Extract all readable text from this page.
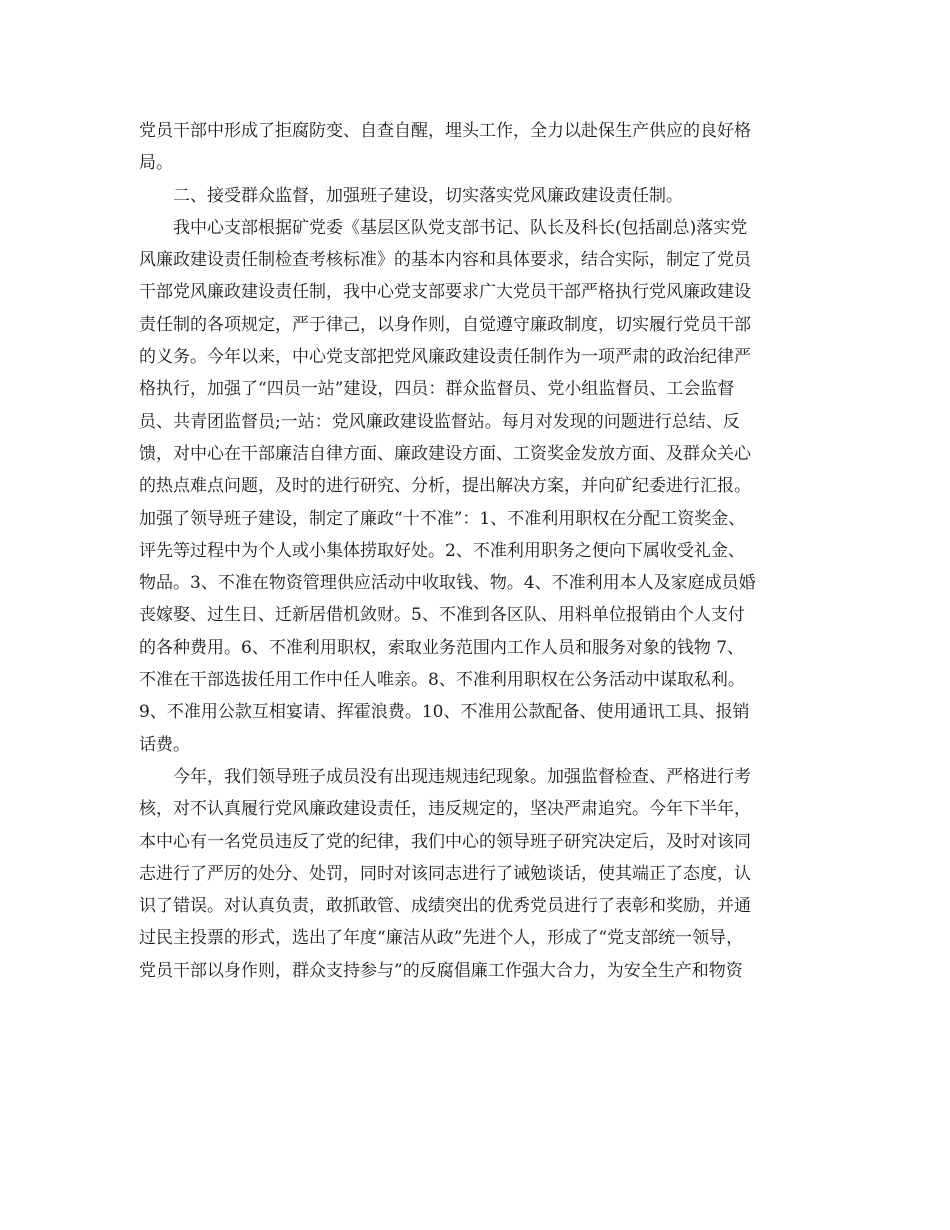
党员干部中形成了拒腐防变、自查自醒，埋头工作，全力以赴保生产供应的良好格
局。
二、接受群众监督，加强班子建设，切实落实党风廉政建设责任制。
我中心支部根据矿党委《基层区队党支部书记、队长及科长(包括副总)落实党
风廉政建设责任制检查考核标准》的基本内容和具体要求，结合实际，制定了党员
干部党风廉政建设责任制，我中心党支部要求广大党员干部严格执行党风廉政建设
责任制的各项规定，严于律己，以身作则，自觉遵守廉政制度，切实履行党员干部
的义务。今年以来，中心党支部把党风廉政建设责任制作为一项严肃的政治纪律严
格执行，加强了“四员一站”建设，四员：群众监督员、党小组监督员、工会监督
员、共青团监督员;一站：党风廉政建设监督站。每月对发现的问题进行总结、反
馈，对中心在干部廉洁自律方面、廉政建设方面、工资奖金发放方面、及群众关心
的热点难点问题，及时的进行研究、分析，提出解决方案，并向矿纪委进行汇报。
加强了领导班子建设，制定了廉政“十不准”：1、不准利用职权在分配工资奖金、
评先等过程中为个人或小集体捞取好处。2、不准利用职务之便向下属收受礼金、
物品。3、不准在物资管理供应活动中收取钱、物。4、不准利用本人及家庭成员婚
丧嫁娶、过生日、迁新居借机敛财。5、不准到各区队、用料单位报销由个人支付
的各种费用。6、不准利用职权，索取业务范围内工作人员和服务对象的钱物 7、
不准在干部选拔任用工作中任人唯亲。8、不准利用职权在公务活动中谋取私利。
9、不准用公款互相宴请、挥霍浪费。10、不准用公款配备、使用通讯工具、报销
话费。
今年，我们领导班子成员没有出现违规违纪现象。加强监督检查、严格进行考
核，对不认真履行党风廉政建设责任，违反规定的，坚决严肃追究。今年下半年，
本中心有一名党员违反了党的纪律，我们中心的领导班子研究决定后，及时对该同
志进行了严厉的处分、处罚，同时对该同志进行了诫勉谈话，使其端正了态度，认
识了错误。对认真负责，敢抓敢管、成绩突出的优秀党员进行了表彰和奖励，并通
过民主投票的形式，选出了年度“廉洁从政”先进个人，形成了“党支部统一领导，
党员干部以身作则，群众支持参与”的反腐倡廉工作强大合力，为安全生产和物资
